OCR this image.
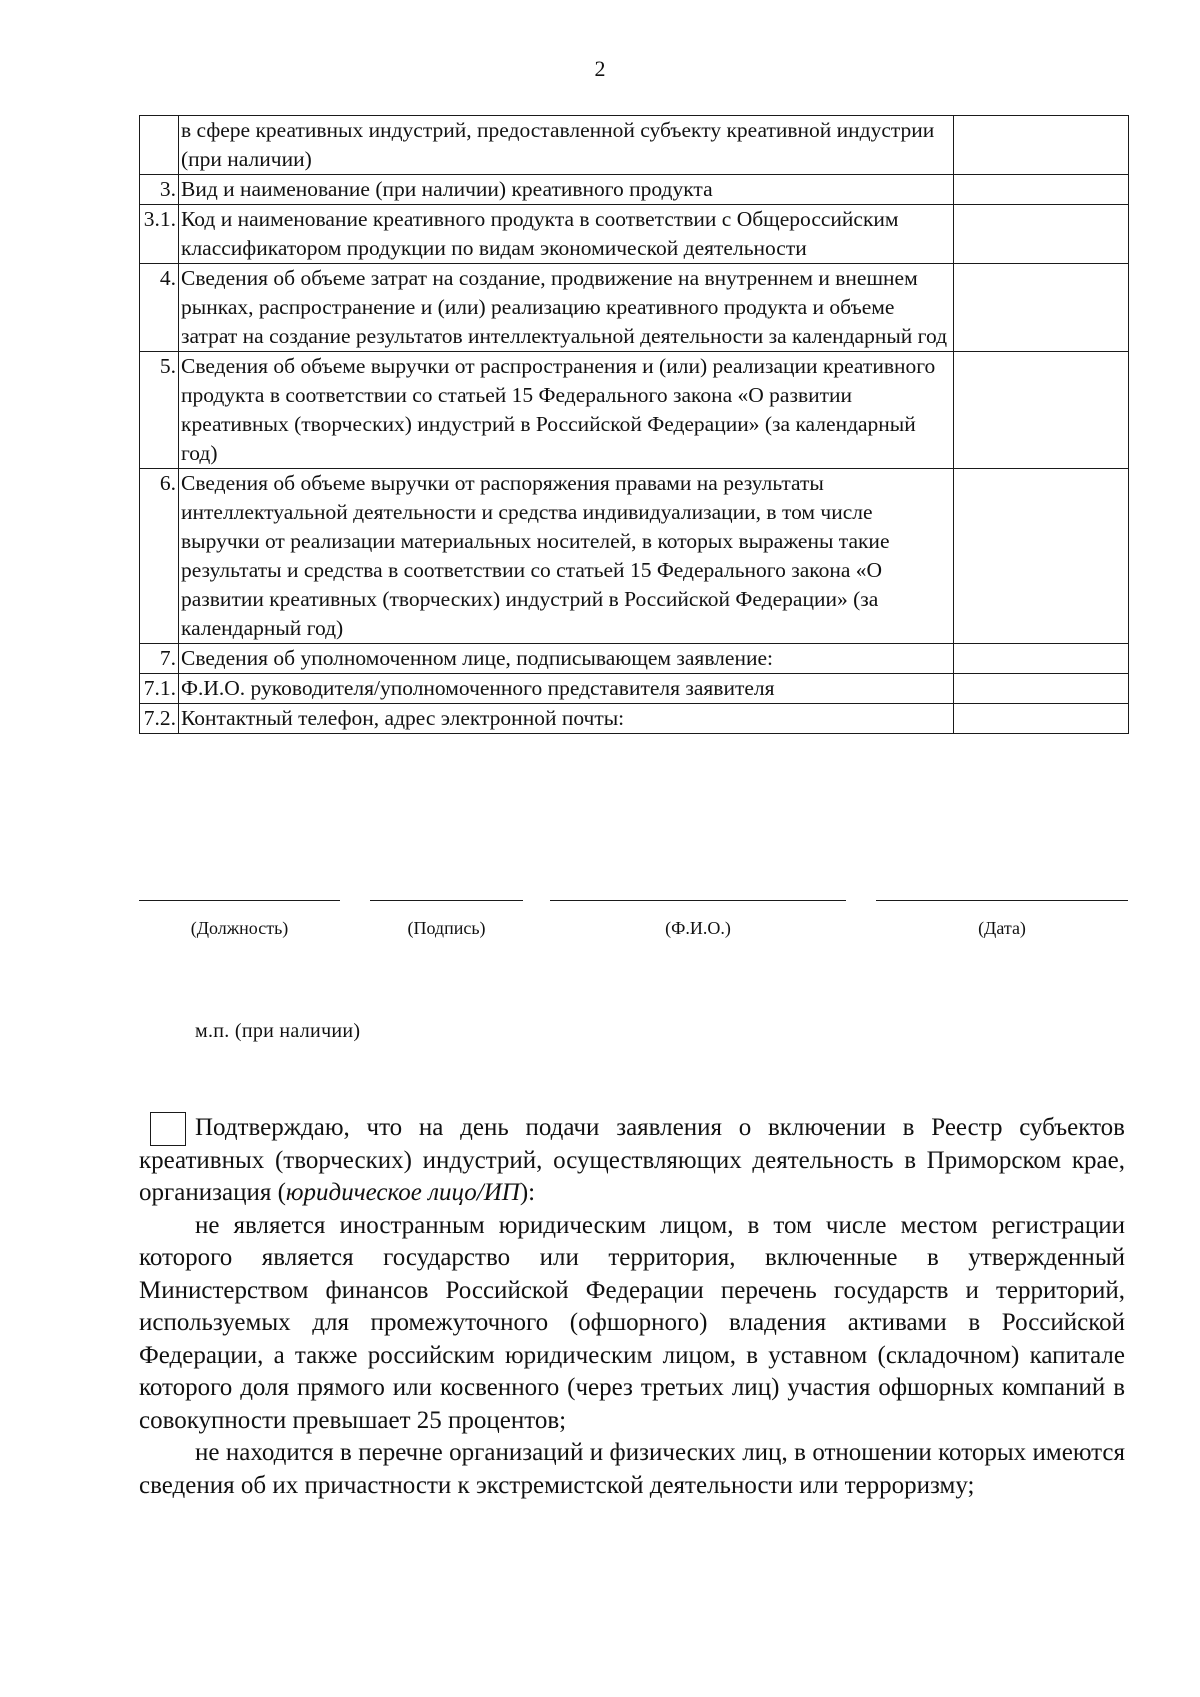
2
	в сфере креативных индустрий, предоставленной субъекту креативной индустрии (при наличии)	
3.	Вид и наименование (при наличии) креативного продукта	
3.1.	Код и наименование креативного продукта в соответствии с Общероссийским классификатором продукции по видам экономической деятельности	
4.	Сведения об объеме затрат на создание, продвижение на внутреннем и внешнем рынках, распространение и (или) реализацию креативного продукта и объеме затрат на создание результатов интеллектуальной деятельности за календарный год	
5.	Сведения об объеме выручки от распространения и (или) реализации креативного продукта в соответствии со статьей 15 Федерального закона «О развитии креативных (творческих) индустрий в Российской Федерации» (за календарный год)	
6.	Сведения об объеме выручки от распоряжения правами на результаты интеллектуальной деятельности и средства индивидуализации, в том числе выручки от реализации материальных носителей, в которых выражены такие результаты и средства в соответствии со статьей 15 Федерального закона «О развитии креативных (творческих) индустрий в Российской Федерации» (за календарный год)	
7.	Сведения об уполномоченном лице, подписывающем заявление:	
7.1.	Ф.И.О. руководителя/уполномоченного представителя заявителя	
7.2.	Контактный телефон, адрес электронной почты:	
(Должность)	(Подпись)	(Ф.И.О.)	(Дата)
м.п. (при наличии)

Подтверждаю, что на день подачи заявления о включении в Реестр субъектов креативных (творческих) индустрий, осуществляющих деятельность в Приморском крае, организация (юридическое лицо/ИП):

не является иностранным юридическим лицом, в том числе местом регистрации которого является государство или территория, включенные в утвержденный Министерством финансов Российской Федерации перечень государств и территорий, используемых для промежуточного (офшорного) владения активами в Российской Федерации, а также российским юридическим лицом, в уставном (складочном) капитале которого доля прямого или косвенного (через третьих лиц) участия офшорных компаний в совокупности превышает 25 процентов;

не находится в перечне организаций и физических лиц, в отношении которых имеются сведения об их причастности к экстремистской деятельности или терроризму;
